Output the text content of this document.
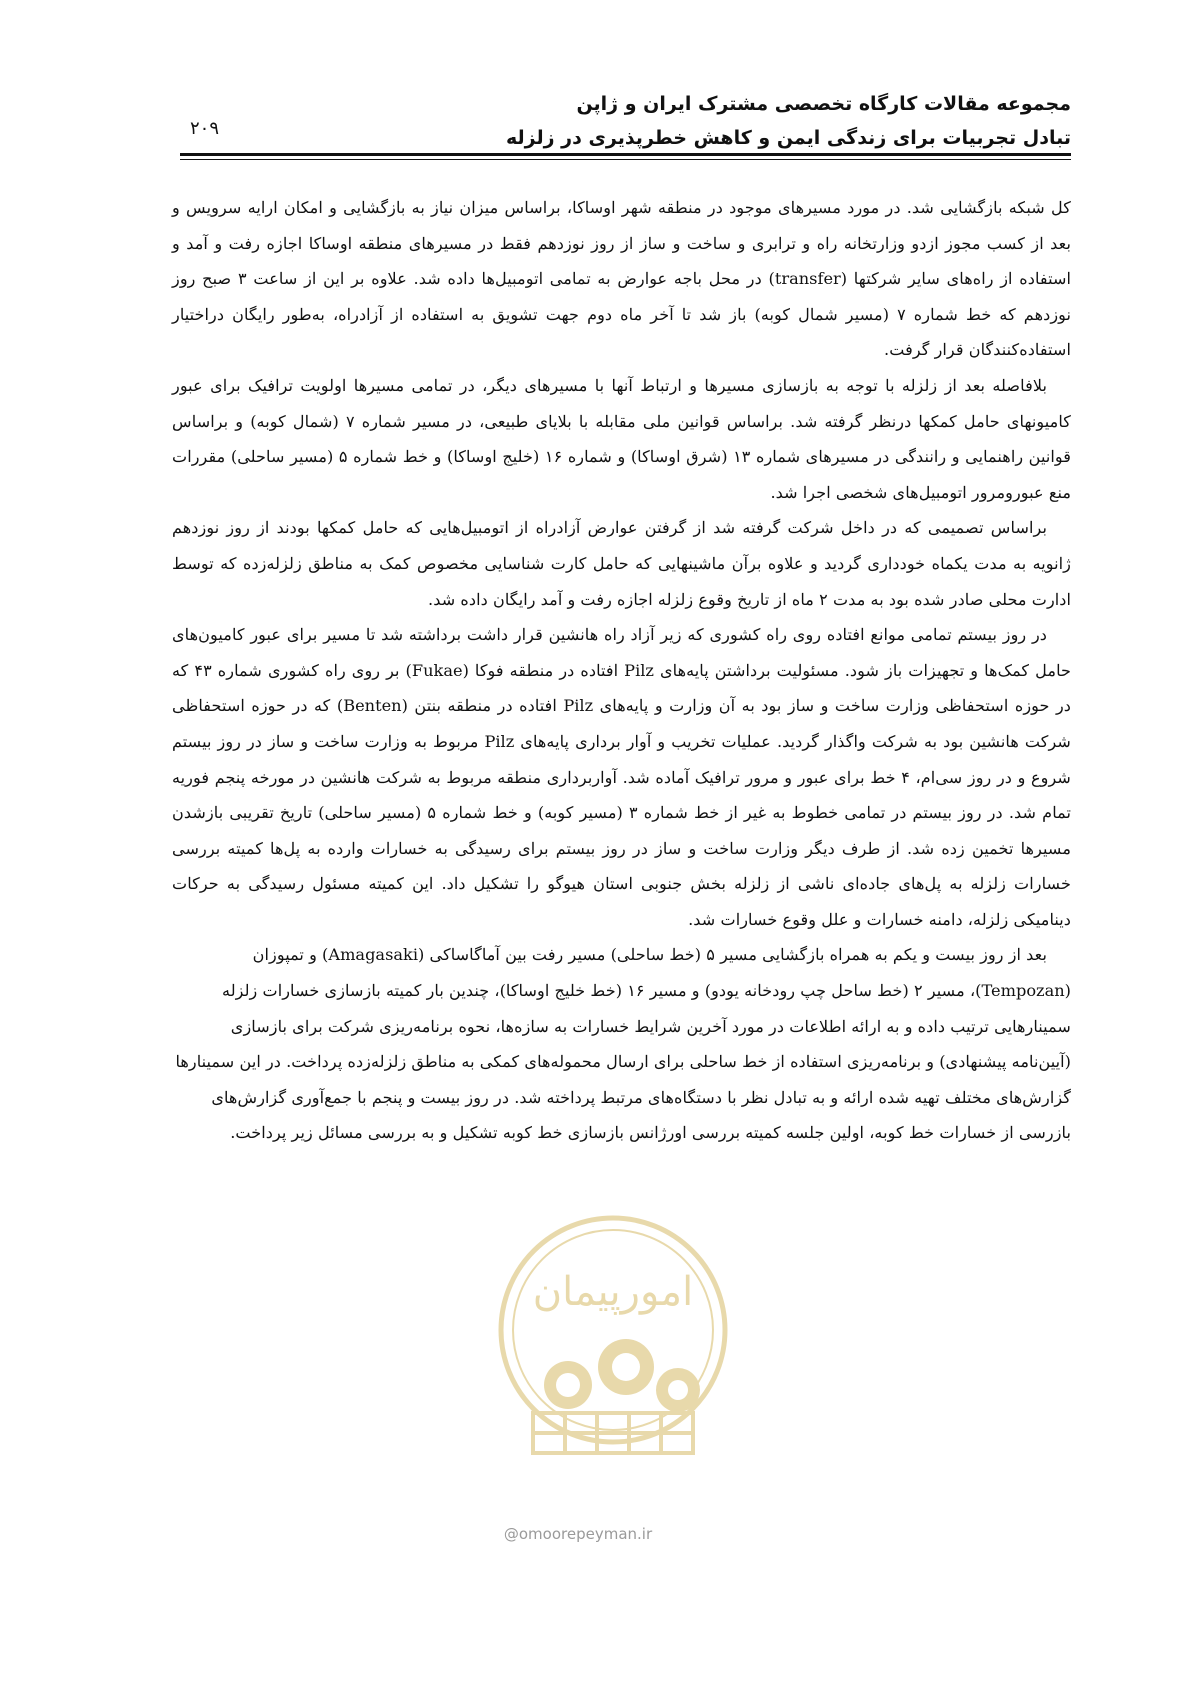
مجموعه مقالات کارگاه تخصصی مشترک ایران و ژاپن
تبادل تجربیات برای زندگی ایمن و کاهش خطرپذیری در زلزله
۲۰۹

کل شبکه بازگشایی شد. در مورد مسیرهای موجود در منطقه شهر اوساکا، براساس میزان نیاز به بازگشایی و امکان ارایه سرویس و بعد از کسب مجوز ازدو وزارتخانه راه و ترابری و ساخت و ساز از روز نوزدهم فقط در مسیرهای منطقه اوساکا اجازه رفت و آمد و استفاده از راه‌های سایر شرکتها (transfer) در محل باجه عوارض به تمامی اتومبیل‌ها داده شد. علاوه بر این از ساعت ۳ صبح روز نوزدهم که خط شماره ۷ (مسیر شمال کوبه) باز شد تا آخر ماه دوم جهت تشویق به استفاده از آزادراه، به‌طور رایگان دراختیار استفاده‌کنندگان قرار گرفت.

بلافاصله بعد از زلزله با توجه به بازسازی مسیرها و ارتباط آنها با مسیرهای دیگر، در تمامی مسیرها اولویت ترافیک برای عبور کامیونهای حامل کمکها درنظر گرفته شد. براساس قوانین ملی مقابله با بلایای طبیعی، در مسیر شماره ۷ (شمال کوبه) و براساس قوانین راهنمایی و رانندگی در مسیرهای شماره ۱۳ (شرق اوساکا) و شماره ۱۶ (خلیج اوساکا) و خط شماره ۵ (مسیر ساحلی) مقررات منع عبورومرور اتومبیل‌های شخصی اجرا شد.

براساس تصمیمی که در داخل شرکت گرفته شد از گرفتن عوارض آزادراه از اتومبیل‌هایی که حامل کمکها بودند از روز نوزدهم ژانویه به مدت یکماه خودداری گردید و علاوه برآن ماشینهایی که حامل کارت شناسایی مخصوص کمک به مناطق زلزله‌زده که توسط ادارت محلی صادر شده بود به مدت ۲ ماه از تاریخ وقوع زلزله اجازه رفت و آمد رایگان داده شد.

در روز بیستم تمامی موانع افتاده روی راه کشوری که زیر آزاد راه هانشین قرار داشت برداشته شد تا مسیر برای عبور کامیون‌های حامل کمک‌ها و تجهیزات باز شود. مسئولیت برداشتن پایه‌های Pilz افتاده در منطقه فوکا (Fukae) بر روی راه کشوری شماره ۴۳ که در حوزه استحفاظی وزارت ساخت و ساز بود به آن وزارت و پایه‌های Pilz افتاده در منطقه بنتن (Benten) که در حوزه استحفاظی شرکت هانشین بود به شرکت واگذار گردید. عملیات تخریب و آوار برداری پایه‌های Pilz مربوط به وزارت ساخت و ساز در روز بیستم شروع و در روز سی‌ام، ۴ خط برای عبور و مرور ترافیک آماده شد. آواربرداری منطقه مربوط به شرکت هانشین در مورخه پنجم فوریه تمام شد. در روز بیستم در تمامی خطوط به غیر از خط شماره ۳ (مسیر کوبه) و خط شماره ۵ (مسیر ساحلی) تاریخ تقریبی بازشدن مسیرها تخمین زده شد. از طرف دیگر وزارت ساخت و ساز در روز بیستم برای رسیدگی به خسارات وارده به پل‌ها کمیته بررسی خسارات زلزله به پل‌های جاده‌ای ناشی از زلزله بخش جنوبی استان هیوگو را تشکیل داد. این کمیته مسئول رسیدگی به حرکات دینامیکی زلزله، دامنه خسارات و علل وقوع خسارات شد.

بعد از روز بیست و یکم به همراه بازگشایی مسیر ۵ (خط ساحلی) مسیر رفت بین آماگاساکی (Amagasaki) و تمپوزان (Tempozan)، مسیر ۲ (خط ساحل چپ رودخانه یودو) و مسیر ۱۶ (خط خلیج اوساکا)، چندین بار کمیته بازسازی خسارات زلزله سمینارهایی ترتیب داده و به ارائه اطلاعات در مورد آخرین شرایط خسارات به سازه‌ها، نحوه برنامه‌ریزی شرکت برای بازسازی (آیین‌نامه پیشنهادی) و برنامه‌ریزی استفاده از خط ساحلی برای ارسال محموله‌های کمکی به مناطق زلزله‌زده پرداخت. در این سمینارها گزارش‌های مختلف تهیه شده ارائه و به تبادل نظر با دستگاه‌های مرتبط پرداخته شد. در روز بیست و پنجم با جمع‌آوری گزارش‌های بازرسی از خسارات خط کوبه، اولین جلسه کمیته بررسی اورژانس بازسازی خط کوبه تشکیل و به بررسی مسائل زیر پرداخت.

امورپیمان
@omoorepeyman.ir
